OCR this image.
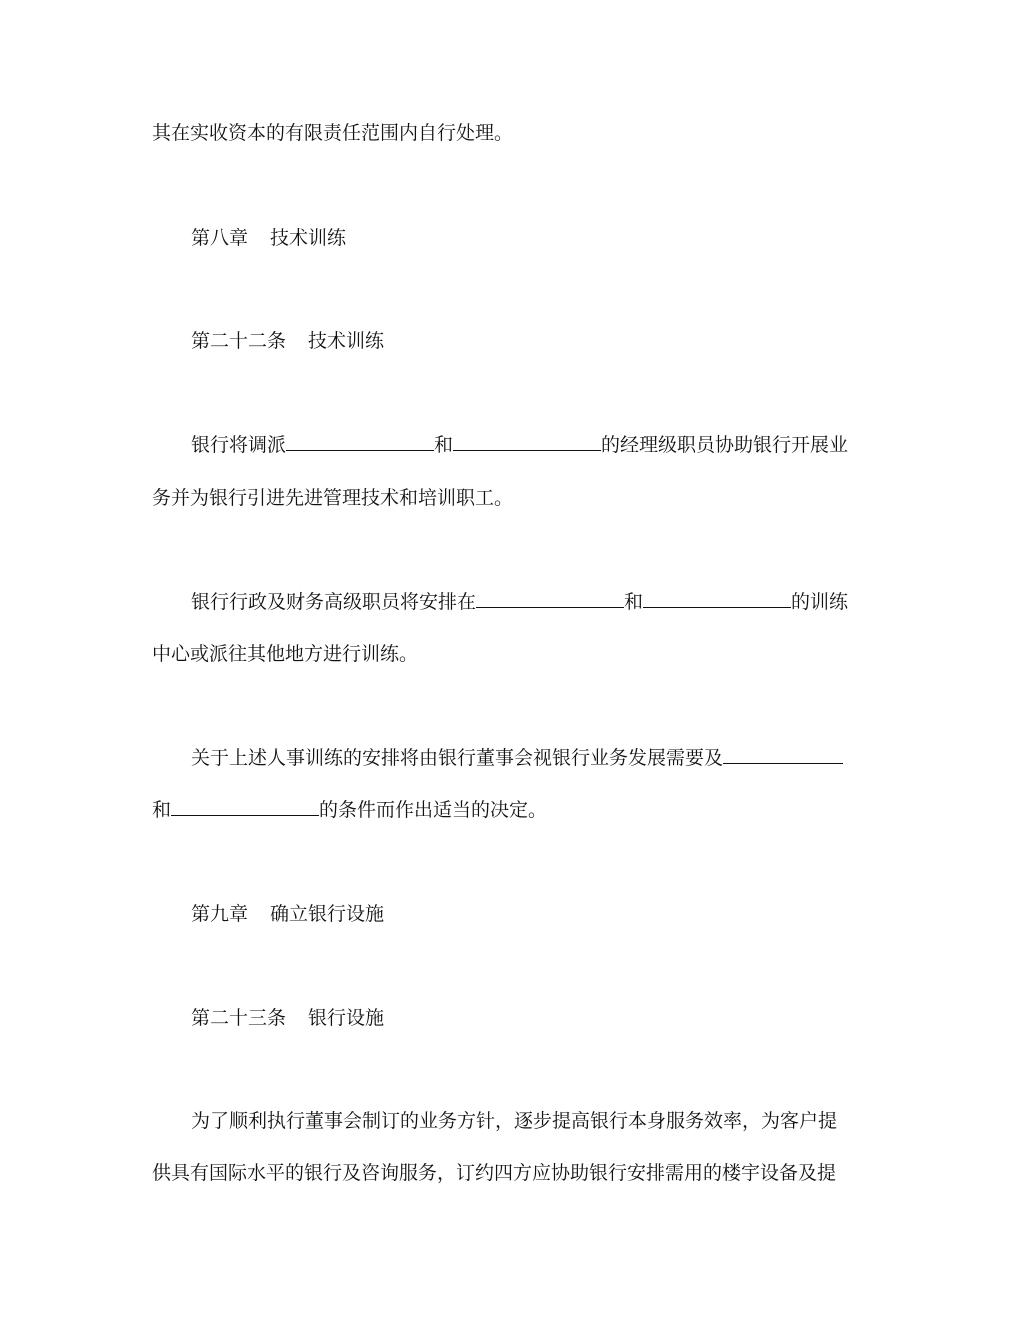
其在实收资本的有限责任范围内自行处理。
第八章 技术训练
第二十二条 技术训练
银行将调派	和	的经理级职员协助银行开展业
务并为银行引进先进管理技术和培训职工。
银行行政及财务高级职员将安排在	和	的训练
中心或派往其他地方进行训练。
关于上述人事训练的安排将由银行董事会视银行业务发展需要及
和	的条件而作出适当的决定。
第九章 确立银行设施
第二十三条 银行设施
为了顺利执行董事会制订的业务方针，逐步提高银行本身服务效率，为客户提
供具有国际水平的银行及咨询服务，订约四方应协助银行安排需用的楼宇设备及提
